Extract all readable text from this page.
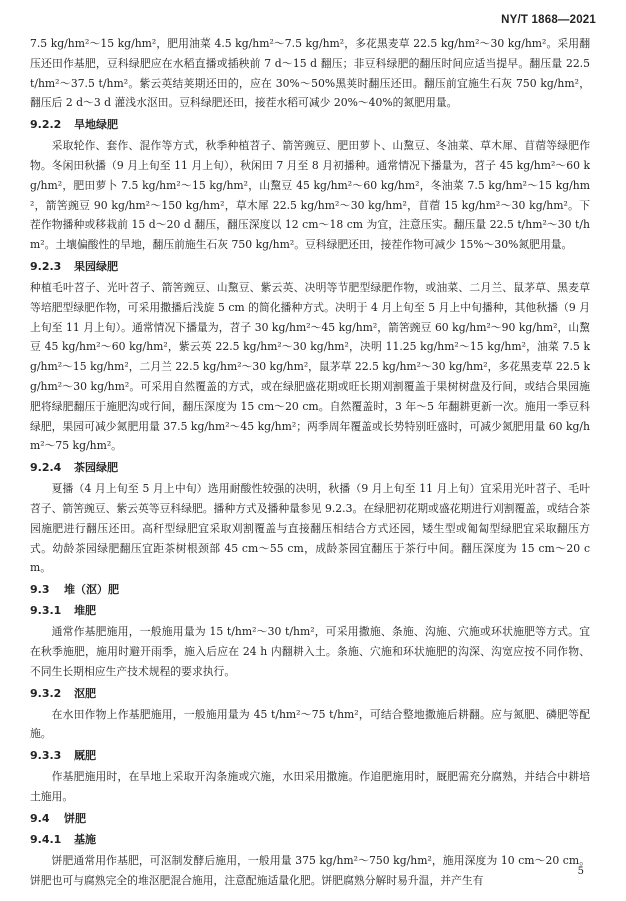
NY/T 1868—2021

7.5 kg/hm²～15 kg/hm²，肥用油菜 4.5 kg/hm²～7.5 kg/hm²，多花黑麦草 22.5 kg/hm²～30 kg/hm²。采用翻压还田作基肥，豆科绿肥应在水稻直播或插秧前 7 d～15 d 翻压；非豆科绿肥的翻压时间应适当提早。翻压量 22.5 t/hm²～37.5 t/hm²。紫云英结荚期还田的，应在 30%～50%黑荚时翻压还田。翻压前宜施生石灰 750 kg/hm²，翻压后 2 d～3 d 灌浅水沤田。豆科绿肥还田，接茬水稻可减少 20%～40%的氮肥用量。

9.2.2 旱地绿肥

采取轮作、套作、混作等方式，秋季种植苕子、箭筈豌豆、肥田萝卜、山黧豆、冬油菜、草木犀、苜蓿等绿肥作物。冬闲田秋播（9 月上旬至 11 月上旬），秋闲田 7 月至 8 月初播种。通常情况下播量为，苕子 45 kg/hm²～60 kg/hm²，肥田萝卜 7.5 kg/hm²～15 kg/hm²，山黧豆 45 kg/hm²～60 kg/hm²，冬油菜 7.5 kg/hm²～15 kg/hm²，箭筈豌豆 90 kg/hm²～150 kg/hm²，草木犀 22.5 kg/hm²～30 kg/hm²，苜蓿 15 kg/hm²～30 kg/hm²。下茬作物播种或移栽前 15 d～20 d 翻压，翻压深度以 12 cm～18 cm 为宜，注意压实。翻压量 22.5 t/hm²～30 t/hm²。土壤偏酸性的旱地，翻压前施生石灰 750 kg/hm²。豆科绿肥还田，接茬作物可减少 15%～30%氮肥用量。

9.2.3 果园绿肥

种植毛叶苕子、光叶苕子、箭筈豌豆、山黧豆、紫云英、决明等节肥型绿肥作物，或油菜、二月兰、鼠茅草、黑麦草等培肥型绿肥作物，可采用撒播后浅旋 5 cm 的简化播种方式。决明于 4 月上旬至 5 月上中旬播种，其他秋播（9 月上旬至 11 月上旬）。通常情况下播量为，苕子 30 kg/hm²～45 kg/hm²，箭筈豌豆 60 kg/hm²～90 kg/hm²，山黧豆 45 kg/hm²～60 kg/hm²，紫云英 22.5 kg/hm²～30 kg/hm²，决明 11.25 kg/hm²～15 kg/hm²，油菜 7.5 kg/hm²～15 kg/hm²，二月兰 22.5 kg/hm²～30 kg/hm²，鼠茅草 22.5 kg/hm²～30 kg/hm²，多花黑麦草 22.5 kg/hm²～30 kg/hm²。可采用自然覆盖的方式，或在绿肥盛花期或旺长期刈割覆盖于果树树盘及行间，或结合果园施肥将绿肥翻压于施肥沟或行间，翻压深度为 15 cm～20 cm。自然覆盖时，3 年～5 年翻耕更新一次。施用一季豆科绿肥，果园可减少氮肥用量 37.5 kg/hm²～45 kg/hm²；两季周年覆盖或长势特别旺盛时，可减少氮肥用量 60 kg/hm²～75 kg/hm²。

9.2.4 茶园绿肥

夏播（4 月上旬至 5 月上中旬）选用耐酸性较强的决明，秋播（9 月上旬至 11 月上旬）宜采用光叶苕子、毛叶苕子、箭筈豌豆、紫云英等豆科绿肥。播种方式及播种量参见 9.2.3。在绿肥初花期或盛花期进行刈割覆盖，或结合茶园施肥进行翻压还田。高秆型绿肥宜采取刈割覆盖与直接翻压相结合方式还园，矮生型或匍匐型绿肥宜采取翻压方式。幼龄茶园绿肥翻压宜距茶树根颈部 45 cm～55 cm，成龄茶园宜翻压于茶行中间。翻压深度为 15 cm～20 cm。

9.3 堆（沤）肥
9.3.1 堆肥

通常作基肥施用，一般施用量为 15 t/hm²～30 t/hm²，可采用撒施、条施、沟施、穴施或环状施肥等方式。宜在秋季施肥，施用时避开雨季，施入后应在 24 h 内翻耕入土。条施、穴施和环状施肥的沟深、沟宽应按不同作物、不同生长期相应生产技术规程的要求执行。

9.3.2 沤肥

在水田作物上作基肥施用，一般施用量为 45 t/hm²～75 t/hm²，可结合整地撒施后耕翻。应与氮肥、磷肥等配施。

9.3.3 厩肥

作基肥施用时，在旱地上采取开沟条施或穴施，水田采用撒施。作追肥施用时，厩肥需充分腐熟，并结合中耕培土施用。

9.4 饼肥
9.4.1 基施

饼肥通常用作基肥，可沤制发酵后施用，一般用量 375 kg/hm²～750 kg/hm²，施用深度为 10 cm～20 cm。饼肥也可与腐熟完全的堆沤肥混合施用，注意配施适量化肥。饼肥腐熟分解时易升温，并产生有

5
